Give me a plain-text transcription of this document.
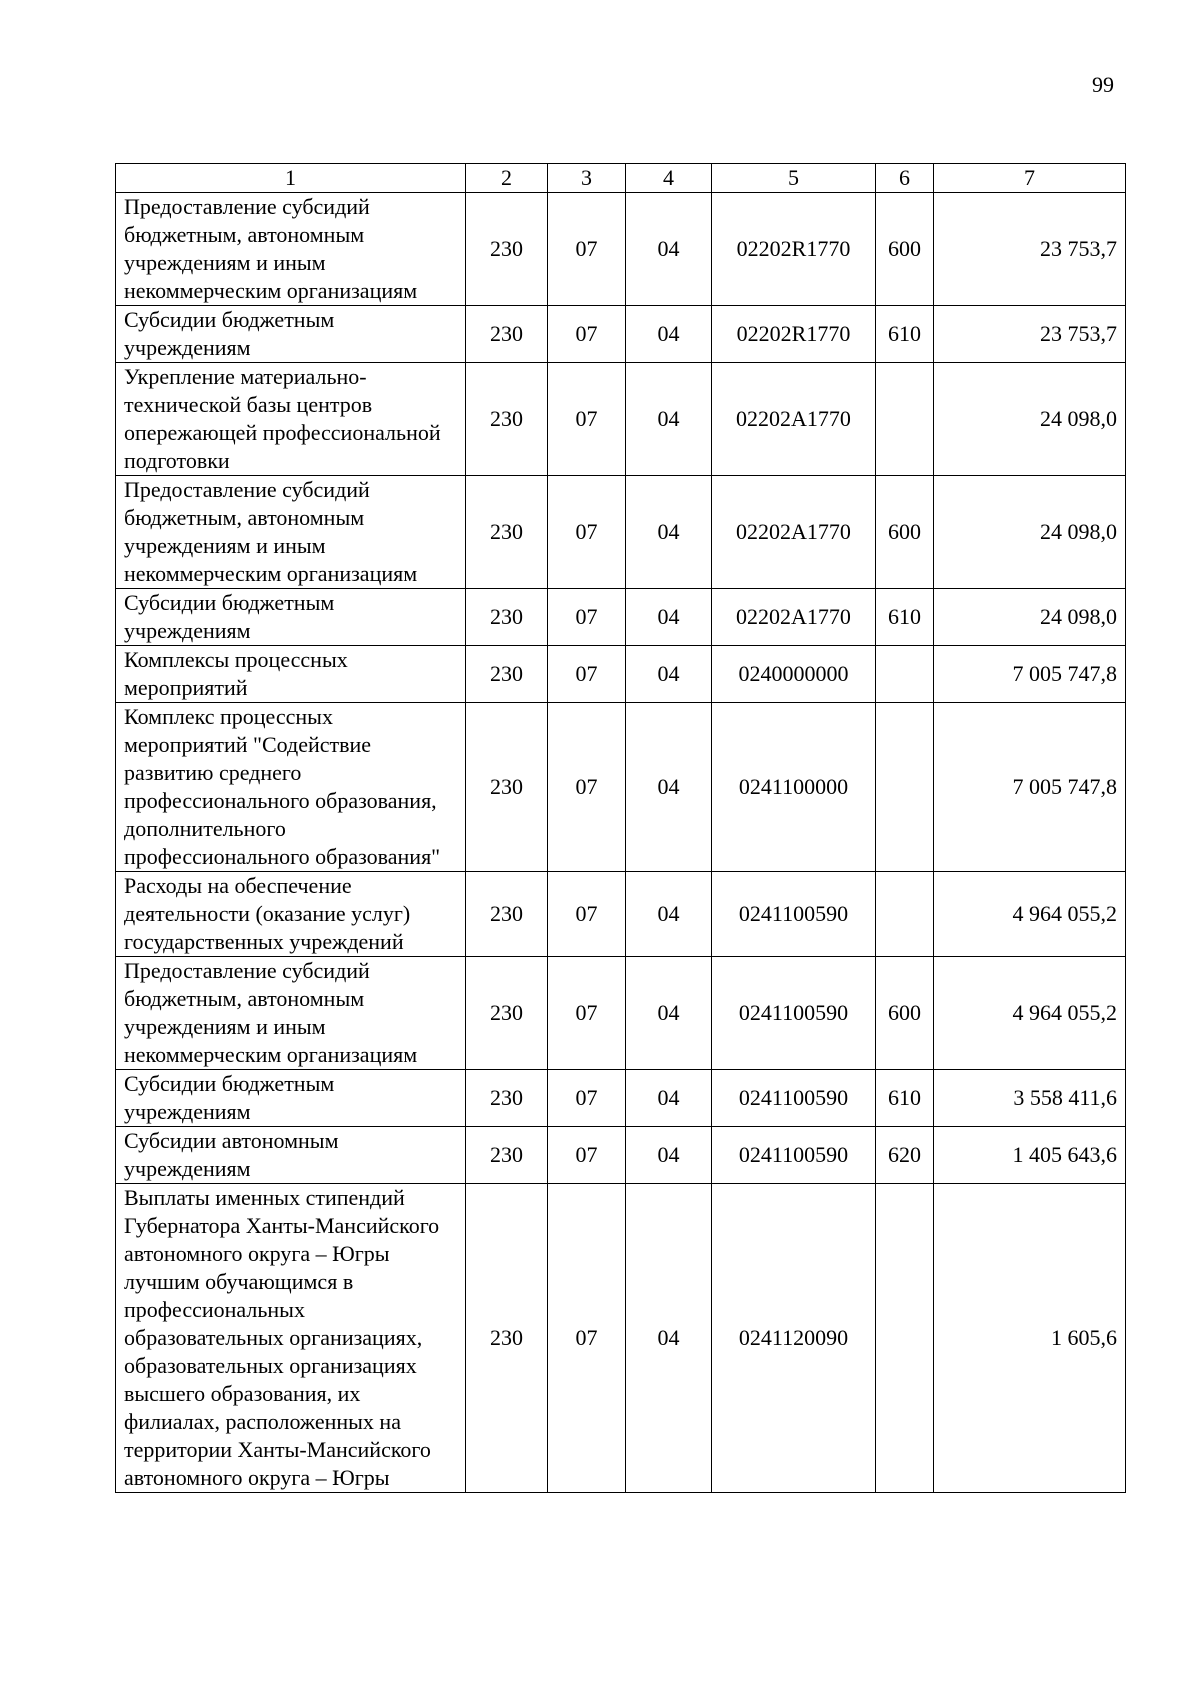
99
1	2	3	4	5	6	7
Предоставление субсидий бюджетным, автономным учреждениям и иным некоммерческим организациям	230	07	04	02202R1770	600	23 753,7
Субсидии бюджетным учреждениям	230	07	04	02202R1770	610	23 753,7
Укрепление материально-технической базы центров опережающей профессиональной подготовки	230	07	04	02202A1770		24 098,0
Предоставление субсидий бюджетным, автономным учреждениям и иным некоммерческим организациям	230	07	04	02202A1770	600	24 098,0
Субсидии бюджетным учреждениям	230	07	04	02202A1770	610	24 098,0
Комплексы процессных мероприятий	230	07	04	0240000000		7 005 747,8
Комплекс процессных мероприятий "Содействие развитию среднего профессионального образования, дополнительного профессионального образования"	230	07	04	0241100000		7 005 747,8
Расходы на обеспечение деятельности (оказание услуг) государственных учреждений	230	07	04	0241100590		4 964 055,2
Предоставление субсидий бюджетным, автономным учреждениям и иным некоммерческим организациям	230	07	04	0241100590	600	4 964 055,2
Субсидии бюджетным учреждениям	230	07	04	0241100590	610	3 558 411,6
Субсидии автономным учреждениям	230	07	04	0241100590	620	1 405 643,6
Выплаты именных стипендий Губернатора Ханты-Мансийского автономного округа – Югры лучшим обучающимся в профессиональных образовательных организациях, образовательных организациях высшего образования, их филиалах, расположенных на территории Ханты-Мансийского автономного округа – Югры	230	07	04	0241120090		1 605,6
